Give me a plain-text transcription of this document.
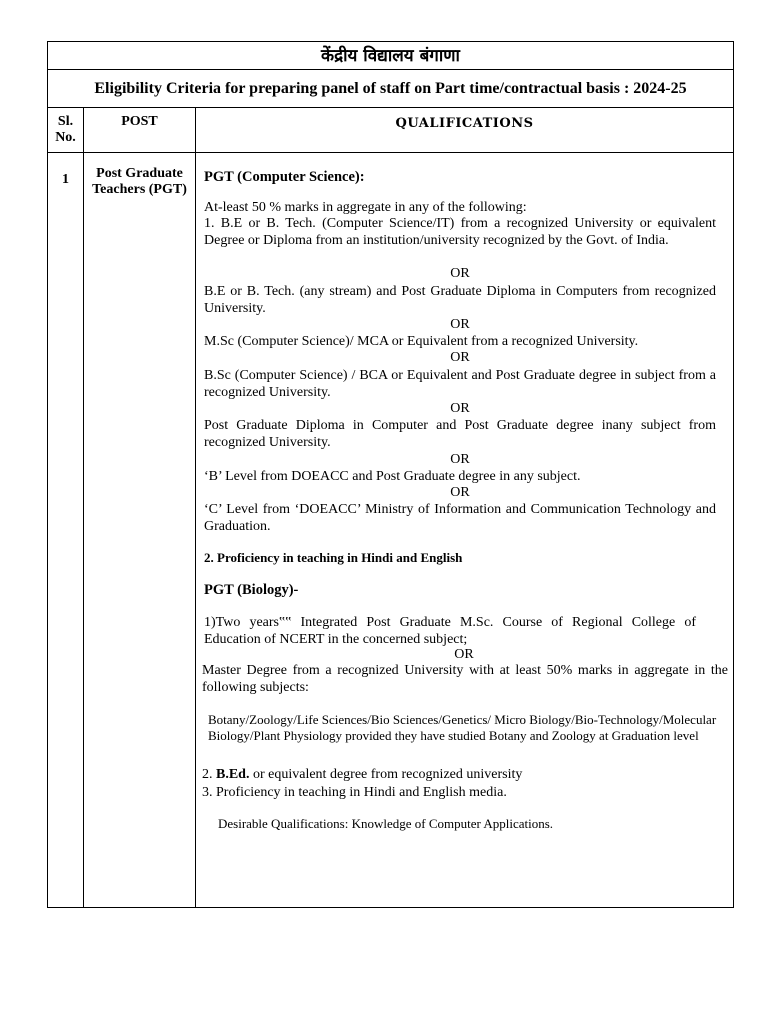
केंद्रीय विद्यालय बंगाणा
Eligibility Criteria for preparing panel of staff on Part time/contractual basis : 2024-25
Sl. No.
POST	QUALIFICATIONS
1	Post Graduate Teachers (PGT)
PGT (Computer Science):
At-least 50 % marks in aggregate in any of the following:
1. B.E or B. Tech. (Computer Science/IT) from a recognized University or equivalent Degree or Diploma from an institution/university recognized by the Govt. of India.
OR
B.E or B. Tech. (any stream) and Post Graduate Diploma in Computers from recognized University.
OR
M.Sc (Computer Science)/ MCA or Equivalent from a recognized University.
OR
B.Sc (Computer Science) / BCA or Equivalent and Post Graduate degree in subject from a recognized University.
OR
Post Graduate Diploma in Computer and Post Graduate degree inany subject from recognized University.
OR
‘B’ Level from DOEACC and Post Graduate degree in any subject.
OR
‘C’ Level from ‘DOEACC’ Ministry of Information and Communication Technology and Graduation.
2. Proficiency in teaching in Hindi and English
PGT (Biology)-
1)Two years‟‟ Integrated Post Graduate M.Sc. Course of Regional College of Education of NCERT in the concerned subject;
OR
Master Degree from a recognized University with at least 50% marks in aggregate in the following subjects:
Botany/Zoology/Life Sciences/Bio Sciences/Genetics/ Micro Biology/Bio-Technology/Molecular Biology/Plant Physiology provided they have studied Botany and Zoology at Graduation level
2. B.Ed. or equivalent degree from recognized university
3. Proficiency in teaching in Hindi and English media.
Desirable Qualifications: Knowledge of Computer Applications.
